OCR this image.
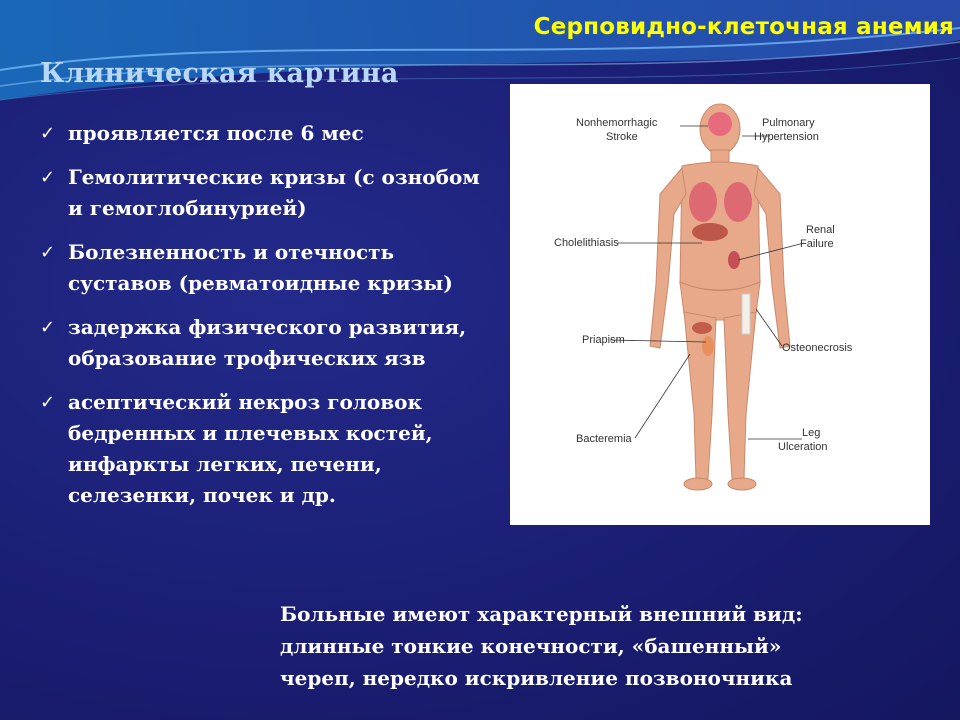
Серповидно-клеточная анемия
Клиническая картина
✓ проявляется после 6 мес
✓ Гемолитические кризы (с ознобом и гемоглобинурией)
✓ Болезненность и отечность суставов (ревматоидные кризы)
✓ задержка физического развития, образование трофических язв
✓ асептический некроз головок бедренных и плечевых костей, инфаркты легких, печени, селезенки, почек и др.
Nonhemorrhagic
Stroke
Pulmonary
Hypertension
Cholelithiasis
Renal
Failure
Priapism
Osteonecrosis
Bacteremia	Leg
Ulceration
Больные имеют характерный внешний вид:
длинные тонкие конечности, «башенный»
череп, нередко искривление позвоночника
